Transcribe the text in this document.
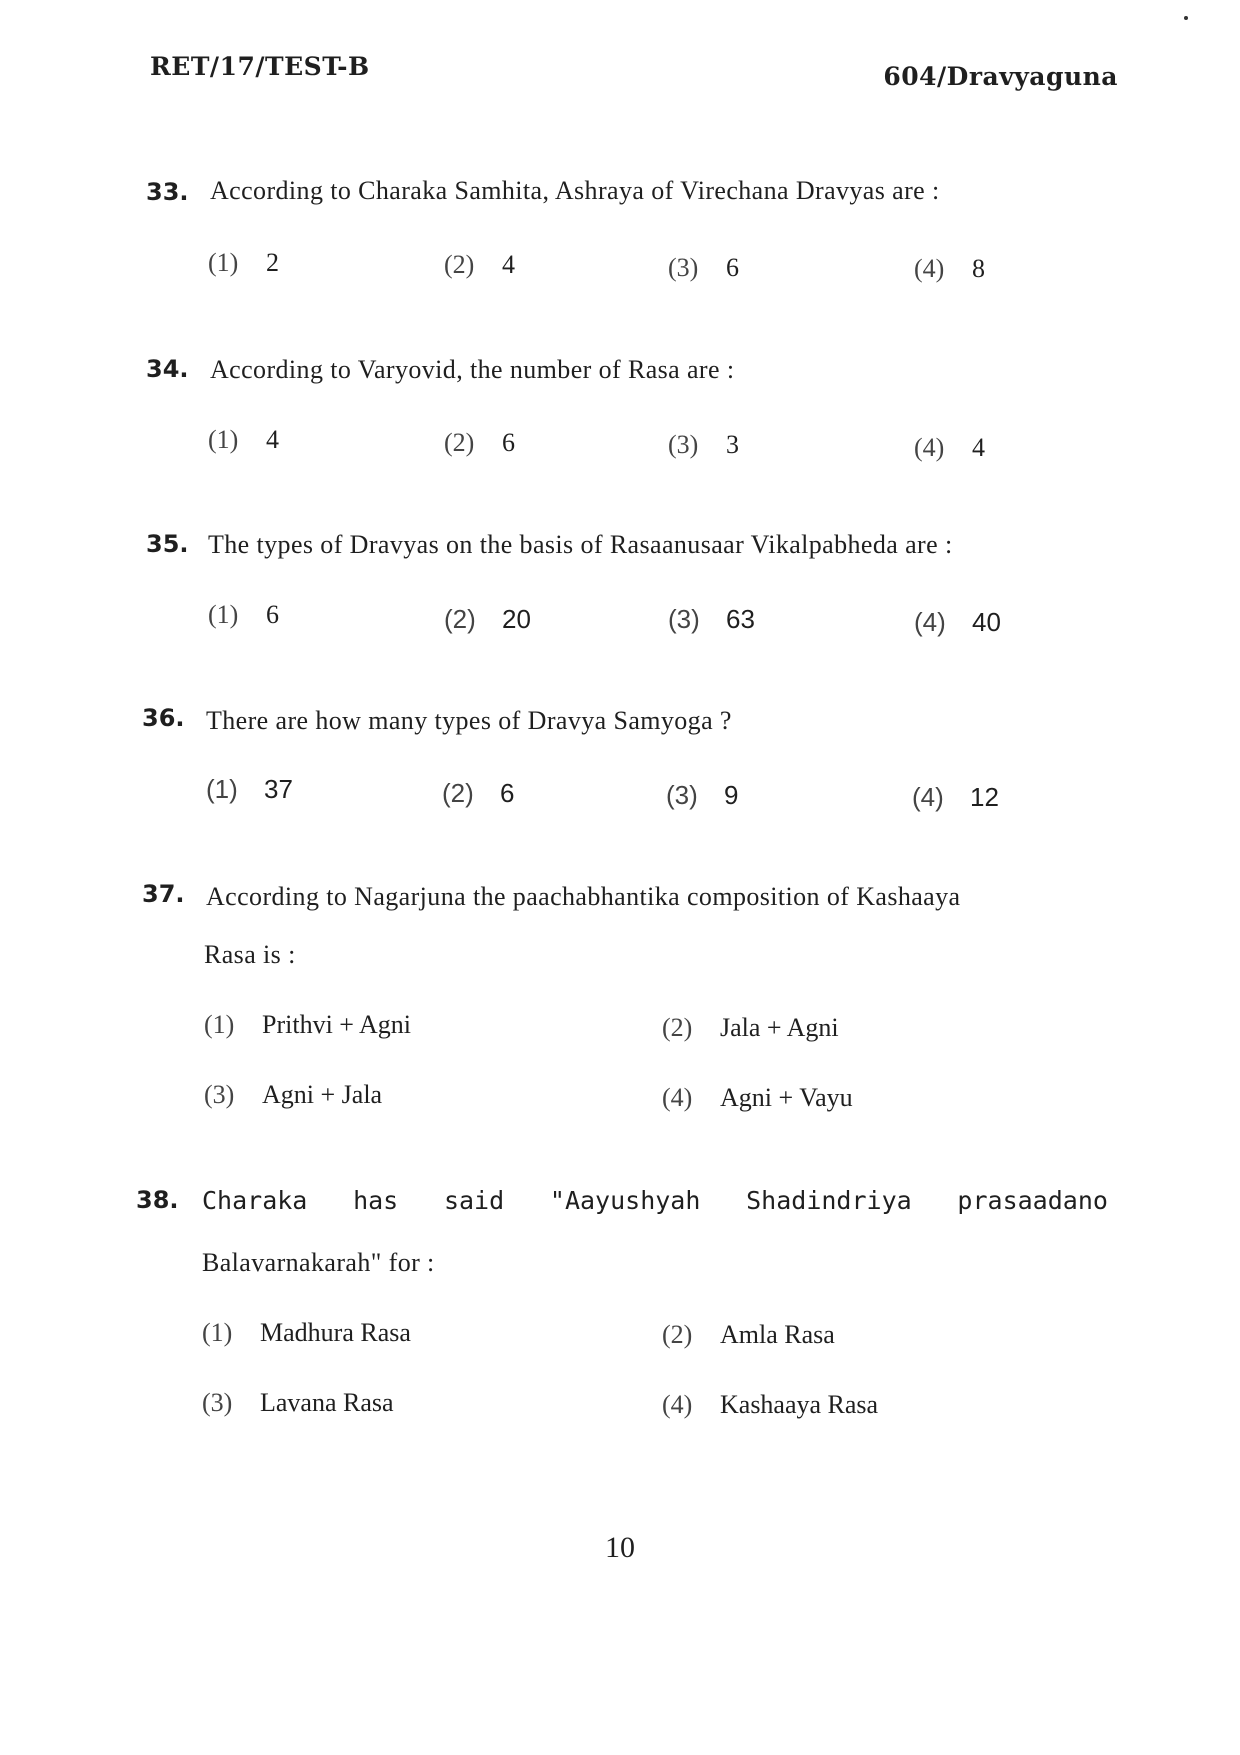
RET/17/TEST-B	604/Dravyaguna
33. According to Charaka Samhita, Ashraya of Virechana Dravyas are :
(1) 2	(2) 4	(3) 6	(4) 8
34. According to Varyovid, the number of Rasa are :
(1) 4	(2) 6	(3) 3	(4) 4
35. The types of Dravyas on the basis of Rasaanusaar Vikalpabheda are :
(1) 6	(2) 20	(3) 63	(4) 40
36. There are how many types of Dravya Samyoga ?
(1) 37	(2) 6	(3) 9	(4) 12
37. According to Nagarjuna the paachabhantika composition of Kashaaya
Rasa is :
(1) Prithvi + Agni	(2) Jala + Agni
(3) Agni + Jala	(4) Agni + Vayu
38. Charaka has said "Aayushyah Shadindriya prasaadano
Balavarnakarah" for :
(1) Madhura Rasa	(2) Amla Rasa
(3) Lavana Rasa	(4) Kashaaya Rasa
10
